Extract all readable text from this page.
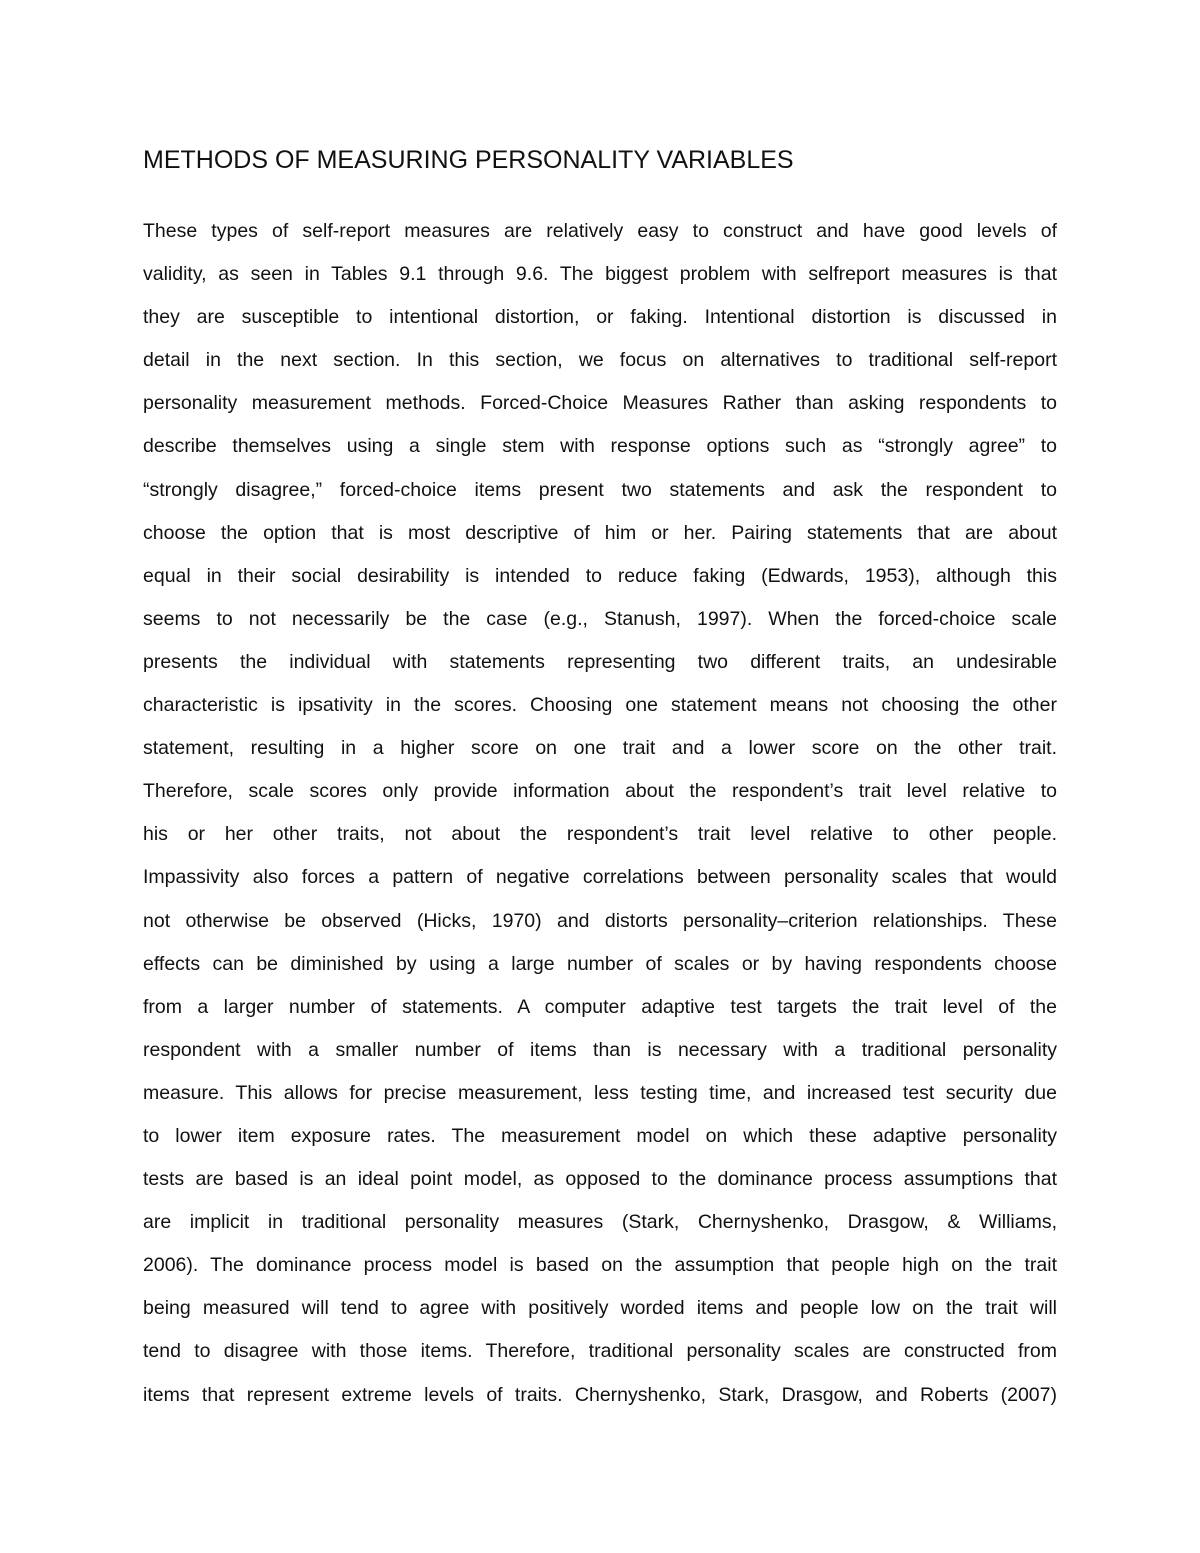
METHODS OF MEASURING PERSONALITY VARIABLES
These types of self-report measures are relatively easy to construct and have good levels of
validity, as seen in Tables 9.1 through 9.6. The biggest problem with selfreport measures is that
they are susceptible to intentional distortion, or faking. Intentional distortion is discussed in
detail in the next section. In this section, we focus on alternatives to traditional self-report
personality measurement methods. Forced-Choice Measures Rather than asking respondents to
describe themselves using a single stem with response options such as “strongly agree” to
“strongly disagree,” forced-choice items present two statements and ask the respondent to
choose the option that is most descriptive of him or her. Pairing statements that are about
equal in their social desirability is intended to reduce faking (Edwards, 1953), although this
seems to not necessarily be the case (e.g., Stanush, 1997). When the forced-choice scale
presents the individual with statements representing two different traits, an undesirable
characteristic is ipsativity in the scores. Choosing one statement means not choosing the other
statement, resulting in a higher score on one trait and a lower score on the other trait.
Therefore, scale scores only provide information about the respondent’s trait level relative to
his or her other traits, not about the respondent’s trait level relative to other people.
Impassivity also forces a pattern of negative correlations between personality scales that would
not otherwise be observed (Hicks, 1970) and distorts personality–criterion relationships. These
effects can be diminished by using a large number of scales or by having respondents choose
from a larger number of statements. A computer adaptive test targets the trait level of the
respondent with a smaller number of items than is necessary with a traditional personality
measure. This allows for precise measurement, less testing time, and increased test security due
to lower item exposure rates. The measurement model on which these adaptive personality
tests are based is an ideal point model, as opposed to the dominance process assumptions that
are implicit in traditional personality measures (Stark, Chernyshenko, Drasgow, & Williams,
2006). The dominance process model is based on the assumption that people high on the trait
being measured will tend to agree with positively worded items and people low on the trait will
tend to disagree with those items. Therefore, traditional personality scales are constructed from
items that represent extreme levels of traits. Chernyshenko, Stark, Drasgow, and Roberts (2007)
